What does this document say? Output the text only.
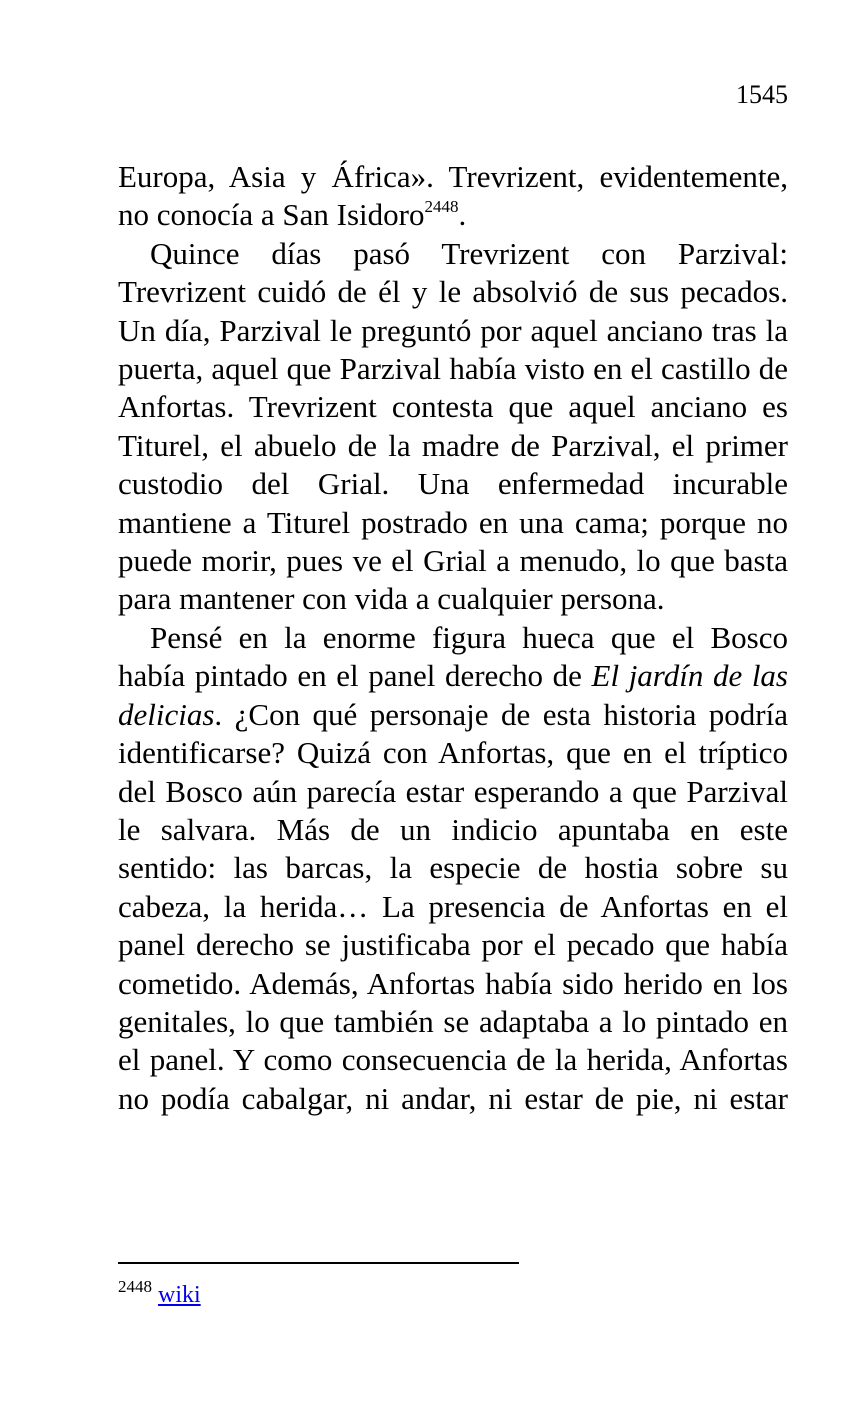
1545

Europa, Asia y África». Trevrizent, evidentemente, no conocía a San Isidoro$^{2448}$.

Quince días pasó Trevrizent con Parzival: Trevrizent cuidó de él y le absolvió de sus pecados. Un día, Parzival le preguntó por aquel anciano tras la puerta, aquel que Parzival había visto en el castillo de Anfortas. Trevrizent contesta que aquel anciano es Titurel, el abuelo de la madre de Parzival, el primer custodio del Grial. Una enfermedad incurable mantiene a Titurel postrado en una cama; porque no puede morir, pues ve el Grial a menudo, lo que basta para mantener con vida a cualquier persona.

Pensé en la enorme figura hueca que el Bosco había pintado en el panel derecho de El jardín de las delicias. ¿Con qué personaje de esta historia podría identificarse? Quizá con Anfortas, que en el tríptico del Bosco aún parecía estar esperando a que Parzival le salvara. Más de un indicio apuntaba en este sentido: las barcas, la especie de hostia sobre su cabeza, la herida… La presencia de Anfortas en el panel derecho se justificaba por el pecado que había cometido. Además, Anfortas había sido herido en los genitales, lo que también se adaptaba a lo pintado en el panel. Y como consecuencia de la herida, Anfortas no podía cabalgar, ni andar, ni estar de pie, ni estar

$^{2448}$ wiki
